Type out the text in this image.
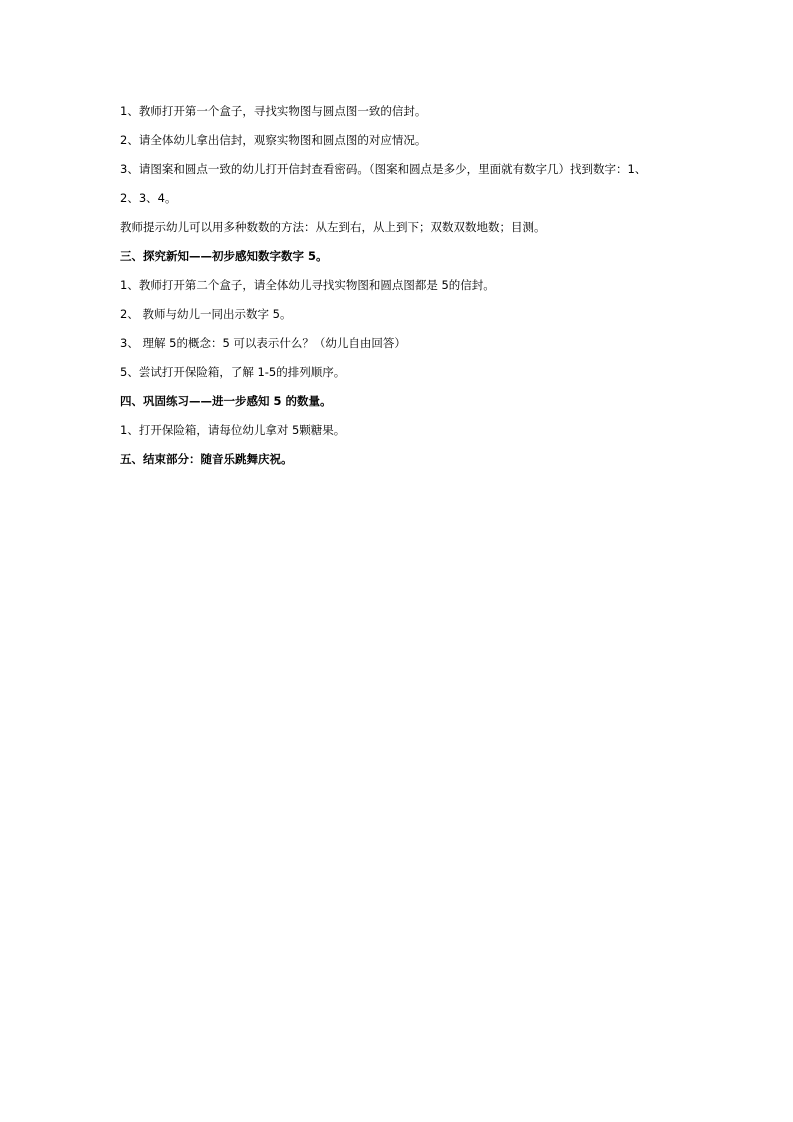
1、教师打开第一个盒子，寻找实物图与圆点图一致的信封。
2、请全体幼儿拿出信封，观察实物图和圆点图的对应情况。
3、请图案和圆点一致的幼儿打开信封查看密码。（图案和圆点是多少，里面就有数字几）找到数字：1、
2、3、4。
教师提示幼儿可以用多种数数的方法：从左到右，从上到下；双数双数地数；目测。
三、探究新知——初步感知数字数字 5。
1、教师打开第二个盒子，请全体幼儿寻找实物图和圆点图都是 5的信封。
2、 教师与幼儿一同出示数字 5。
3、 理解 5的概念：5 可以表示什么？（幼儿自由回答）
5、尝试打开保险箱，了解 1-5的排列顺序。
四、巩固练习——进一步感知 5 的数量。
1、打开保险箱，请每位幼儿拿对 5颗糖果。
五、结束部分：随音乐跳舞庆祝。
